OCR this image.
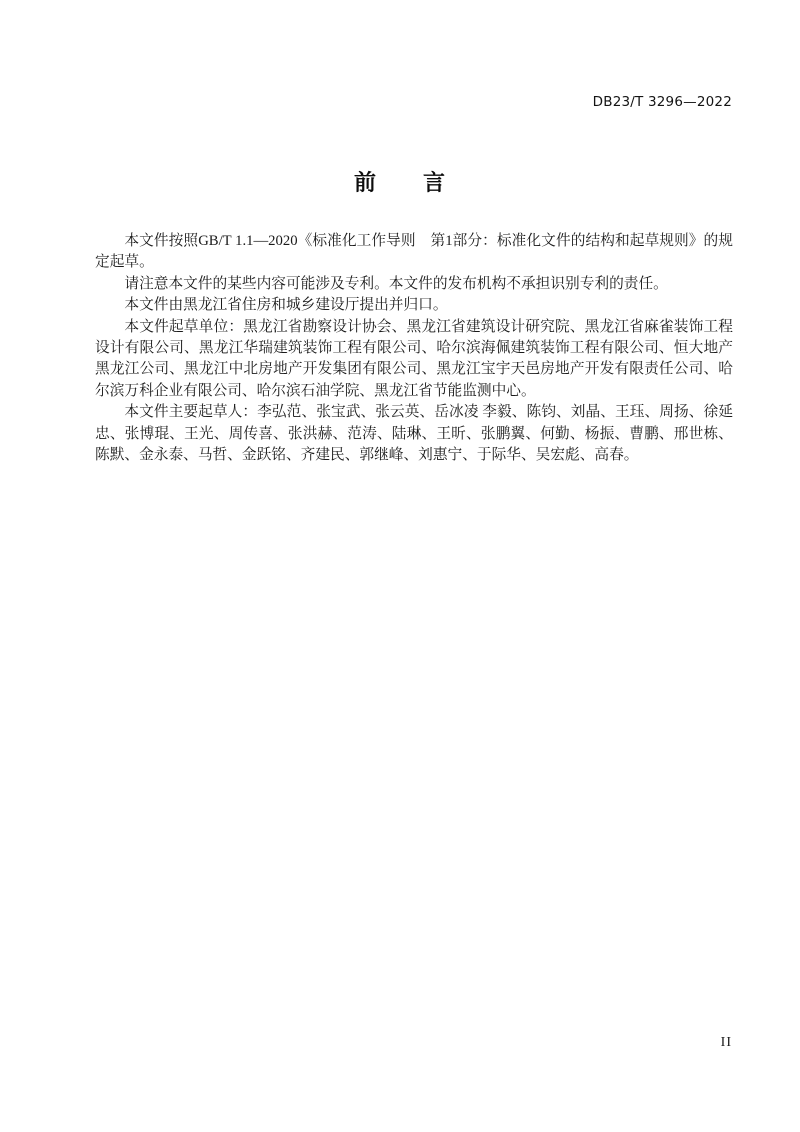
DB23/T 3296—2022
前　　言

本文件按照GB/T 1.1—2020《标准化工作导则　第1部分：标准化文件的结构和起草规则》的规定起草。

请注意本文件的某些内容可能涉及专利。本文件的发布机构不承担识别专利的责任。

本文件由黑龙江省住房和城乡建设厅提出并归口。

本文件起草单位：黑龙江省勘察设计协会、黑龙江省建筑设计研究院、黑龙江省麻雀装饰工程设计有限公司、黑龙江华瑞建筑装饰工程有限公司、哈尔滨海佩建筑装饰工程有限公司、恒大地产黑龙江公司、黑龙江中北房地产开发集团有限公司、黑龙江宝宇天邑房地产开发有限责任公司、哈尔滨万科企业有限公司、哈尔滨石油学院、黑龙江省节能监测中心。

本文件主要起草人：李弘范、张宝武、张云英、岳冰凌 李毅、陈钧、刘晶、王珏、周扬、徐延忠、张博琨、王光、周传喜、张洪赫、范涛、陆琳、王昕、张鹏翼、何勤、杨振、曹鹏、邢世栋、陈默、金永泰、马哲、金跃铭、齐建民、郭继峰、刘惠宁、于际华、吴宏彪、高春。

II
